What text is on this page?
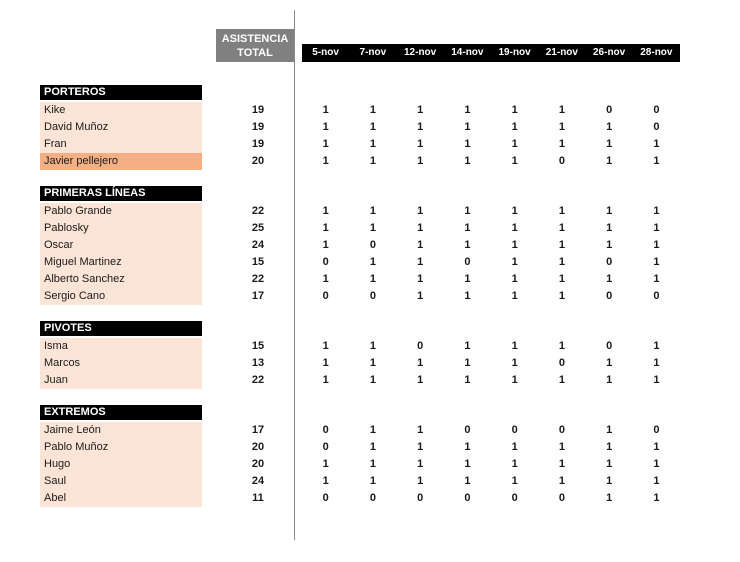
ASISTENCIA
TOTAL	5-nov	7-nov	12-nov	14-nov	19-nov	21-nov	26-nov	28-nov
PORTEROS
Kike	19	1	1	1	1	1	1	0	0
David Muñoz	19	1	1	1	1	1	1	1	0
Fran	19	1	1	1	1	1	1	1	1
Javier pellejero	20	1	1	1	1	1	0	1	1
PRIMERAS LÍNEAS
Pablo Grande	22	1	1	1	1	1	1	1	1
Pablosky	25	1	1	1	1	1	1	1	1
Oscar	24	1	0	1	1	1	1	1	1
Miguel Martinez	15	0	1	1	0	1	1	0	1
Alberto Sanchez	22	1	1	1	1	1	1	1	1
Sergio Cano	17	0	0	1	1	1	1	0	0
PIVOTES
Isma	15	1	1	0	1	1	1	0	1
Marcos	13	1	1	1	1	1	0	1	1
Juan	22	1	1	1	1	1	1	1	1
EXTREMOS
Jaime León	17	0	1	1	0	0	0	1	0
Pablo Muñoz	20	0	1	1	1	1	1	1	1
Hugo	20	1	1	1	1	1	1	1	1
Saul	24	1	1	1	1	1	1	1	1
Abel	11	0	0	0	0	0	0	1	1
